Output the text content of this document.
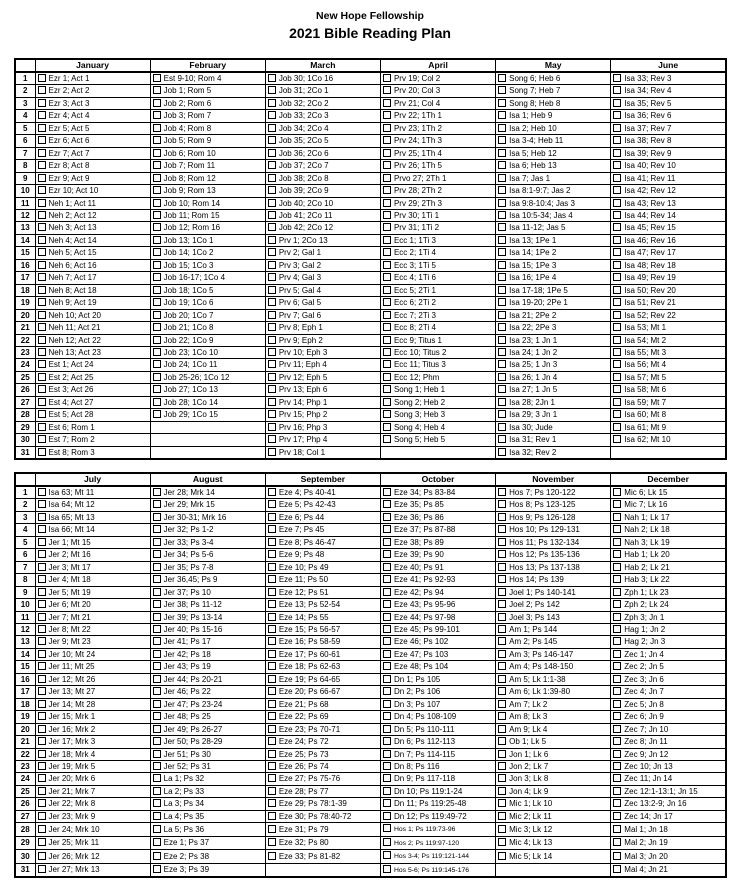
New Hope Fellowship
2021 Bible Reading Plan
	January	February	March	April	May	June
1	Ezr 1; Act 1	Est 9-10; Rom 4	Job 30; 1Co 16	Prv 19; Col 2	Song 6; Heb 6	Isa 33; Rev 3
2	Ezr 2; Act 2	Job 1; Rom 5	Job 31; 2Co 1	Prv 20; Col 3	Song 7; Heb 7	Isa 34; Rev 4
3	Ezr 3; Act 3	Job 2; Rom 6	Job 32; 2Co 2	Prv 21; Col 4	Song 8; Heb 8	Isa 35; Rev 5
4	Ezr 4; Act 4	Job 3; Rom 7	Job 33; 2Co 3	Prv 22; 1Th 1	Isa 1; Heb 9	Isa 36; Rev 6
5	Ezr 5; Act 5	Job 4; Rom 8	Job 34; 2Co 4	Prv 23; 1Th 2	Isa 2; Heb 10	Isa 37; Rev 7
6	Ezr 6; Act 6	Job 5; Rom 9	Job 35; 2Co 5	Prv 24; 1Th 3	Isa 3-4; Heb 11	Isa 38; Rev 8
7	Ezr 7; Act 7	Job 6; Rom 10	Job 36; 2Co 6	Prv 25; 1Th 4	Isa 5; Heb 12	Isa 39; Rev 9
8	Ezr 8; Act 8	Job 7; Rom 11	Job 37; 2Co 7	Prv 26; 1Th 5	Isa 6; Heb 13	Isa 40; Rev 10
9	Ezr 9; Act 9	Job 8; Rom 12	Job 38; 2Co 8	Prvo 27; 2Th 1	Isa 7; Jas 1	Isa 41; Rev 11
10	Ezr 10; Act 10	Job 9; Rom 13	Job 39; 2Co 9	Prv 28; 2Th 2	Isa 8:1-9:7; Jas 2	Isa 42; Rev 12
11	Neh 1; Act 11	Job 10; Rom 14	Job 40; 2Co 10	Prv 29; 2Th 3	Isa 9:8-10:4; Jas 3	Isa 43; Rev 13
12	Neh 2; Act 12	Job 11; Rom 15	Job 41; 2Co 11	Prv 30; 1Ti 1	Isa 10:5-34; Jas 4	Isa 44; Rev 14
13	Neh 3; Act 13	Job 12; Rom 16	Job 42; 2Co 12	Prv 31; 1Ti 2	Isa 11-12; Jas 5	Isa 45; Rev 15
14	Neh 4; Act 14	Job 13; 1Co 1	Prv 1; 2Co 13	Ecc 1; 1Ti 3	Isa 13; 1Pe 1	Isa 46; Rev 16
15	Neh 5; Act 15	Job 14; 1Co 2	Prv 2; Gal 1	Ecc 2; 1Ti 4	Isa 14; 1Pe 2	Isa 47; Rev 17
16	Neh 6; Act 16	Job 15; 1Co 3	Prv 3; Gal 2	Ecc 3; 1Ti 5	Isa 15; 1Pe 3	Isa 48; Rev 18
17	Neh 7; Act 17	Job 16-17; 1Co 4	Prv 4; Gal 3	Ecc 4; 1Ti 6	Isa 16; 1Pe 4	Isa 49; Rev 19
18	Neh 8; Act 18	Job 18; 1Co 5	Prv 5; Gal 4	Ecc 5; 2Ti 1	Isa 17-18; 1Pe 5	Isa 50; Rev 20
19	Neh 9; Act 19	Job 19; 1Co 6	Prv 6; Gal 5	Ecc 6; 2Ti 2	Isa 19-20; 2Pe 1	Isa 51; Rev 21
20	Neh 10; Act 20	Job 20; 1Co 7	Prv 7; Gal 6	Ecc 7; 2Ti 3	Isa 21; 2Pe 2	Isa 52; Rev 22
21	Neh 11; Act 21	Job 21; 1Co 8	Prv 8; Eph 1	Ecc 8; 2Ti 4	Isa 22; 2Pe 3	Isa 53; Mt 1
22	Neh 12; Act 22	Job 22; 1Co 9	Prv 9; Eph 2	Ecc 9; Titus 1	Isa 23; 1 Jn 1	Isa 54; Mt 2
23	Neh 13; Act 23	Job 23; 1Co 10	Prv 10; Eph 3	Ecc 10; Titus 2	Isa 24; 1 Jn 2	Isa 55; Mt 3
24	Est 1; Act 24	Job 24; 1Co 11	Prv 11; Eph 4	Ecc 11; Titus 3	Isa 25; 1 Jn 3	Isa 56; Mt 4
25	Est 2; Act 25	Job 25-26; 1Co 12	Prv 12; Eph 5	Ecc 12; Phm	Isa 26; 1 Jn 4	Isa 57; Mt 5
26	Est 3; Act 26	Job 27; 1Co 13	Prv 13; Eph 6	Song 1; Heb 1	Isa 27; 1 Jn 5	Isa 58; Mt 6
27	Est 4; Act 27	Job 28; 1Co 14	Prv 14; Php 1	Song 2; Heb 2	Isa 28; 2Jn 1	Isa 59; Mt 7
28	Est 5; Act 28	Job 29; 1Co 15	Prv 15; Php 2	Song 3; Heb 3	Isa 29; 3 Jn 1	Isa 60; Mt 8
29	Est 6; Rom 1		Prv 16; Php 3	Song 4; Heb 4	Isa 30; Jude	Isa 61; Mt 9
30	Est 7; Rom 2		Prv 17; Php 4	Song 5; Heb 5	Isa 31; Rev 1	Isa 62; Mt 10
31	Est 8; Rom 3		Prv 18; Col 1		Isa 32; Rev 2	
	July	August	September	October	November	December
1	Isa 63; Mt 11	Jer 28; Mrk 14	Eze 4; Ps 40-41	Eze 34; Ps 83-84	Hos 7; Ps 120-122	Mic 6; Lk 15
2	Isa 64; Mt 12	Jer 29; Mrk 15	Eze 5; Ps 42-43	Eze 35; Ps 85	Hos 8; Ps 123-125	Mic 7; Lk 16
3	Isa 65; Mt 13	Jer 30-31; Mrk 16	Eze 6; Ps 44	Eze 36; Ps 86	Hos 9; Ps 126-128	Nah 1; Lk 17
4	Isa 66; Mt 14	Jer 32; Ps 1-2	Eze 7; Ps 45	Eze 37; Ps 87-88	Hos 10; Ps 129-131	Nah 2; Lk 18
5	Jer 1; Mt 15	Jer 33; Ps 3-4	Eze 8; Ps 46-47	Eze 38; Ps 89	Hos 11; Ps 132-134	Nah 3; Lk 19
6	Jer 2; Mt 16	Jer 34; Ps 5-6	Eze 9; Ps 48	Eze 39; Ps 90	Hos 12; Ps 135-136	Hab 1; Lk 20
7	Jer 3; Mt 17	Jer 35; Ps 7-8	Eze 10; Ps 49	Eze 40; Ps 91	Hos 13; Ps 137-138	Hab 2; Lk 21
8	Jer 4; Mt 18	Jer 36,45; Ps 9	Eze 11; Ps 50	Eze 41; Ps 92-93	Hos 14; Ps 139	Hab 3; Lk 22
9	Jer 5; Mt 19	Jer 37; Ps 10	Eze 12; Ps 51	Eze 42; Ps 94	Joel 1; Ps 140-141	Zph 1; Lk 23
10	Jer 6; Mt 20	Jer 38; Ps 11-12	Eze 13; Ps 52-54	Eze 43; Ps 95-96	Joel 2; Ps 142	Zph 2; Lk 24
11	Jer 7; Mt 21	Jer 39; Ps 13-14	Eze 14; Ps 55	Eze 44; Ps 97-98	Joel 3; Ps 143	Zph 3; Jn 1
12	Jer 8; Mt 22	Jer 40; Ps 15-16	Eze 15; Ps 56-57	Eze 45; Ps 99-101	Am 1; Ps 144	Hag 1; Jn 2
13	Jer 9; Mt 23	Jer 41; Ps 17	Eze 16; Ps 58-59	Eze 46; Ps 102	Am 2; Ps 145	Hag 2; Jn 3
14	Jer 10; Mt 24	Jer 42; Ps 18	Eze 17; Ps 60-61	Eze 47; Ps 103	Am 3; Ps 146-147	Zec 1; Jn 4
15	Jer 11; Mt 25	Jer 43; Ps 19	Eze 18; Ps 62-63	Eze 48; Ps 104	Am 4; Ps 148-150	Zec 2; Jn 5
16	Jer 12; Mt 26	Jer 44; Ps 20-21	Eze 19; Ps 64-65	Dn 1; Ps 105	Am 5; Lk 1:1-38	Zec 3; Jn 6
17	Jer 13; Mt 27	Jer 46; Ps 22	Eze 20; Ps 66-67	Dn 2; Ps 106	Am 6; Lk 1:39-80	Zec 4; Jn 7
18	Jer 14; Mt 28	Jer 47; Ps 23-24	Eze 21; Ps 68	Dn 3; Ps 107	Am 7; Lk 2	Zec 5; Jn 8
19	Jer 15; Mrk 1	Jer 48; Ps 25	Eze 22; Ps 69	Dn 4; Ps 108-109	Am 8; Lk 3	Zec 6; Jn 9
20	Jer 16; Mrk 2	Jer 49; Ps 26-27	Eze 23; Ps 70-71	Dn 5; Ps 110-111	Am 9; Lk 4	Zec 7; Jn 10
21	Jer 17; Mrk 3	Jer 50; Ps 28-29	Eze 24; Ps 72	Dn 6; Ps 112-113	Ob 1; Lk 5	Zec 8; Jn 11
22	Jer 18; Mrk 4	Jer 51; Ps 30	Eze 25; Ps 73	Dn 7; Ps 114-115	Jon 1; Lk 6	Zec 9; Jn 12
23	Jer 19; Mrk 5	Jer 52; Ps 31	Eze 26; Ps 74	Dn 8; Ps 116	Jon 2; Lk 7	Zec 10; Jn 13
24	Jer 20; Mrk 6	La 1; Ps 32	Eze 27; Ps 75-76	Dn 9; Ps 117-118	Jon 3; Lk 8	Zec 11; Jn 14
25	Jer 21; Mrk 7	La 2; Ps 33	Eze 28; Ps 77	Dn 10; Ps 119:1-24	Jon 4; Lk 9	Zec 12:1-13:1; Jn 15
26	Jer 22; Mrk 8	La 3; Ps 34	Eze 29; Ps 78:1-39	Dn 11; Ps 119:25-48	Mic 1; Lk 10	Zec 13:2-9; Jn 16
27	Jer 23; Mrk 9	La 4; Ps 35	Eze 30; Ps 78:40-72	Dn 12; Ps 119:49-72	Mic 2; Lk 11	Zec 14; Jn 17
28	Jer 24; Mrk 10	La 5; Ps 36	Eze 31; Ps 79	Hos 1; Ps 119:73-96	Mic 3; Lk 12	Mal 1; Jn 18
29	Jer 25; Mrk 11	Eze 1; Ps 37	Eze 32; Ps 80	Hos 2; Ps 119:97-120	Mic 4; Lk 13	Mal 2; Jn 19
30	Jer 26; Mrk 12	Eze 2; Ps 38	Eze 33; Ps 81-82	Hos 3-4; Ps 119:121-144	Mic 5; Lk 14	Mal 3; Jn 20
31	Jer 27; Mrk 13	Eze 3; Ps 39		Hos 5-6; Ps 119:145-176		Mal 4; Jn 21
